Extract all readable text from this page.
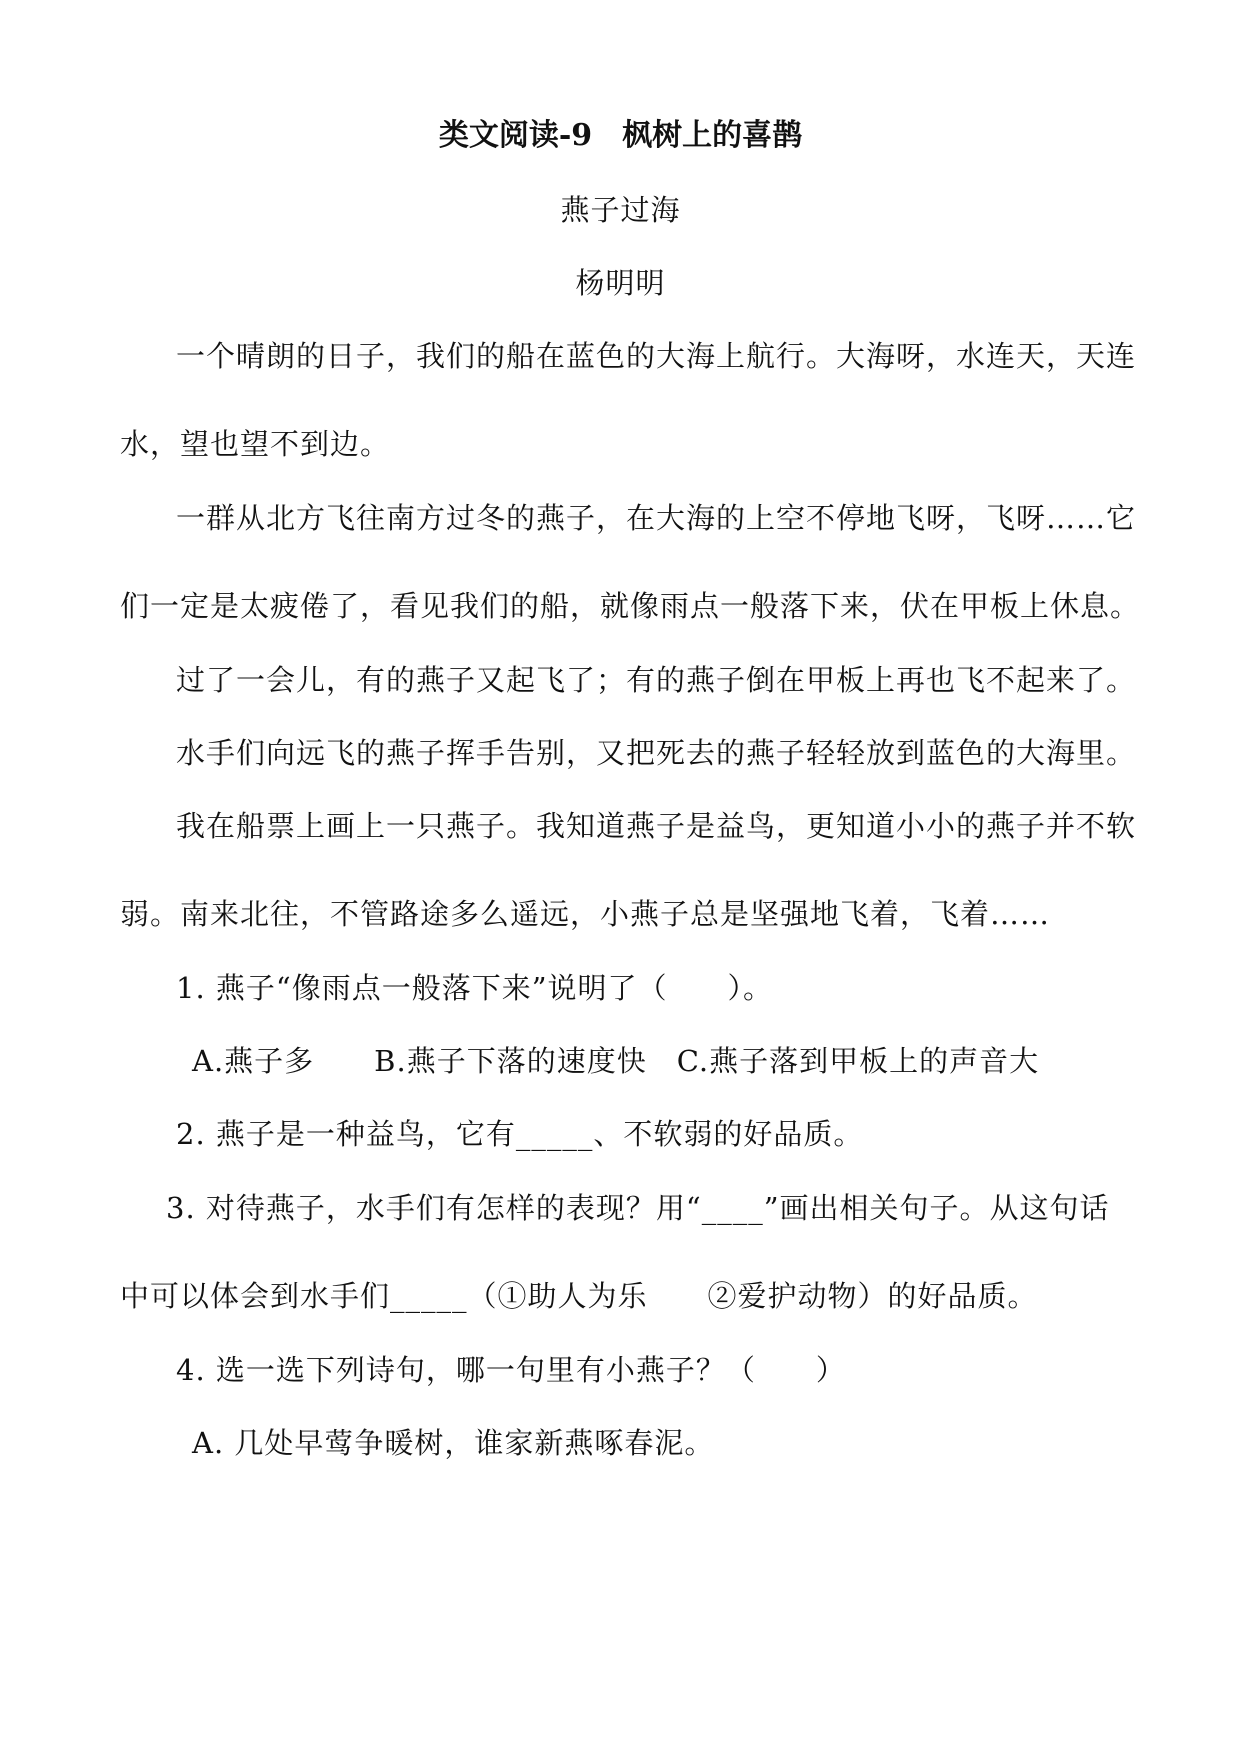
类文阅读-9　枫树上的喜鹊
燕子过海
杨明明
一个晴朗的日子，我们的船在蓝色的大海上航行。大海呀，水连天，天连
水，望也望不到边。
一群从北方飞往南方过冬的燕子，在大海的上空不停地飞呀，飞呀……它
们一定是太疲倦了，看见我们的船，就像雨点一般落下来，伏在甲板上休息。
过了一会儿，有的燕子又起飞了；有的燕子倒在甲板上再也飞不起来了。
水手们向远飞的燕子挥手告别，又把死去的燕子轻轻放到蓝色的大海里。
我在船票上画上一只燕子。我知道燕子是益鸟，更知道小小的燕子并不软
弱。南来北往，不管路途多么遥远，小燕子总是坚强地飞着，飞着……
1. 燕子“像雨点一般落下来”说明了（　　）。
A.燕子多　　B.燕子下落的速度快　C.燕子落到甲板上的声音大
2. 燕子是一种益鸟，它有_____、不软弱的好品质。
3. 对待燕子，水手们有怎样的表现？用“____”画出相关句子。从这句话
中可以体会到水手们_____（①助人为乐　　②爱护动物）的好品质。
4. 选一选下列诗句，哪一句里有小燕子？（　　）
A. 几处早莺争暖树，谁家新燕啄春泥。
